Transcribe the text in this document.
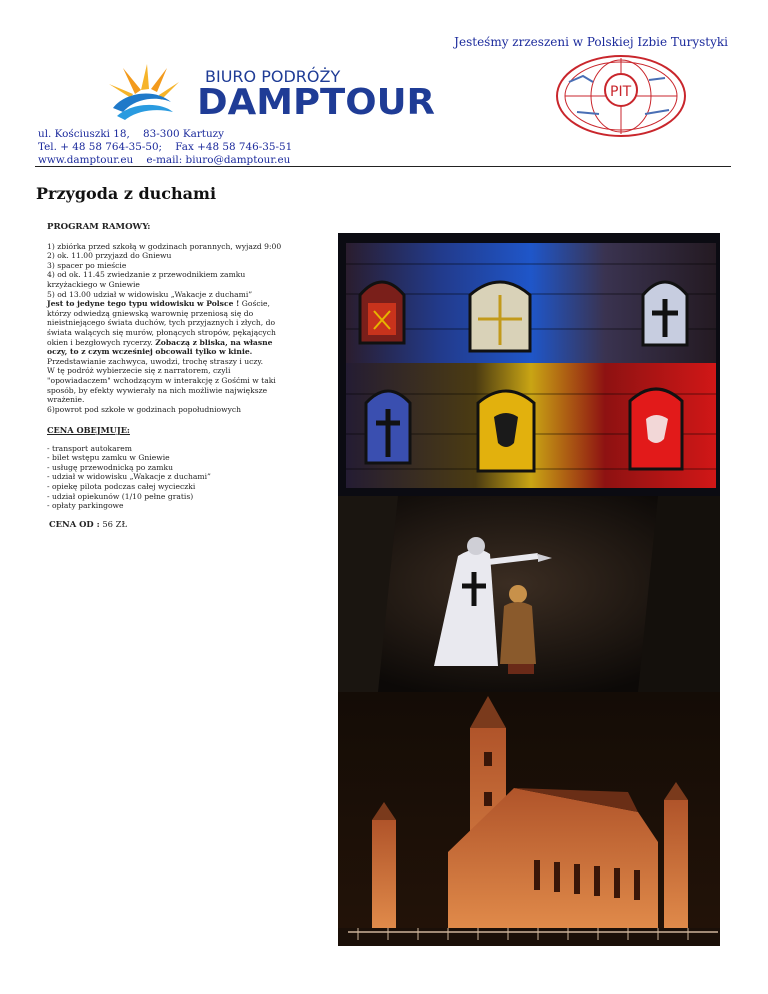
Jesteśmy zrzeszeni w Polskiej Izbie Turystyki
BIURO PODRÓŻY
DAMPTOUR	PIT
ul. Kościuszki 18,    83-300 Kartuzy
Tel. + 48 58 764-35-50;    Fax +48 58 746-35-51
www.damptour.eu    e-mail: biuro@damptour.eu
Przygoda z duchami
PROGRAM RAMOWY:
1) zbiórka przed szkołą w godzinach porannych, wyjazd 9:00
2) ok. 11.00 przyjazd do Gniewu
3) spacer po mieście
4) od ok. 11.45 zwiedzanie z przewodnikiem zamku
krzyżackiego w Gniewie
5) od 13.00 udział w widowisku „Wakacje z duchami”
Jest to jedyne tego typu widowisku w Polsce ! Goście,
którzy odwiedzą gniewską warownię przeniosą się do
nieistniejącego świata duchów, tych przyjaznych i złych, do
świata walących się murów, płonących stropów, pękających
okien i bezgłowych rycerzy. Zobaczą z bliska, na własne
oczy, to z czym wcześniej obcowali tylko w kinie.
Przedstawianie zachwyca, uwodzi, trochę straszy i uczy.
W tę podróż wybierzecie się z narratorem, czyli
"opowiadaczem" wchodzącym w interakcję z Gośćmi w taki
sposób, by efekty wywierały na nich możliwie największe
wrażenie.
6)powrot pod szkołe w godzinach popołudniowych
CENA OBEJMUJE:
- transport autokarem
- bilet wstępu zamku w Gniewie
- usługę przewodnicką po zamku
- udział w widowisku „Wakacje z duchami”
- opiekę pilota podczas całej wycieczki
- udział opiekunów (1/10 pełne gratis)
- opłaty parkingowe
CENA OD : 56 ZŁ
